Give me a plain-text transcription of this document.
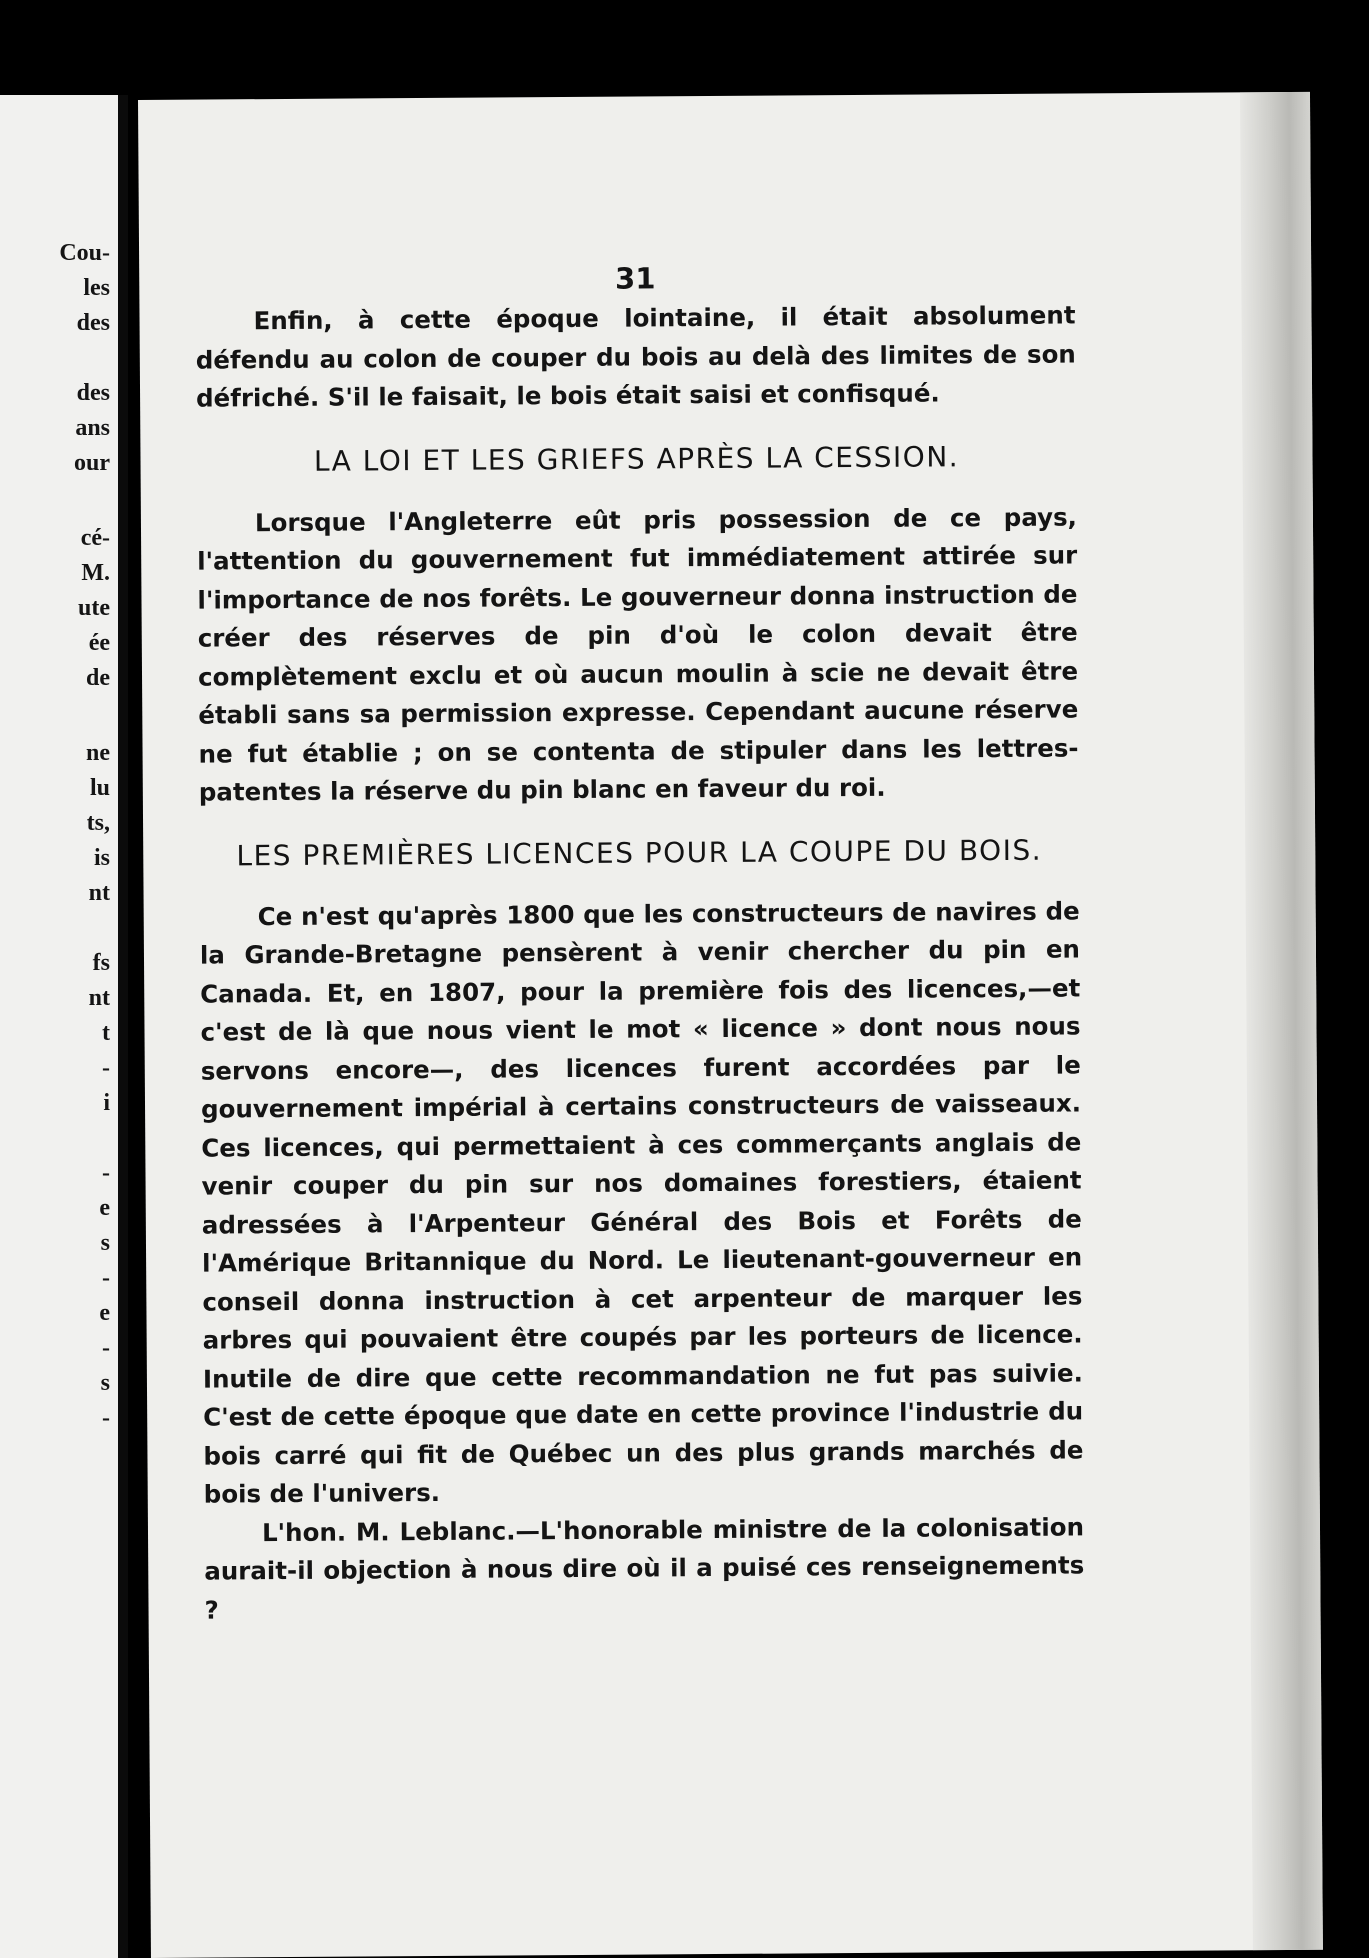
Cou-
les
des
des
ans
our
cé-
M.
ute
ée
de
ne
lu
ts,
is
nt
fs
nt
t
-
i
-
e
s
-
e
-
s
-
31

Enfin, à cette époque lointaine, il était absolument défendu au colon de couper du bois au delà des limites de son défriché. S'il le faisait, le bois était saisi et confisqué.

LA LOI ET LES GRIEFS APRÈS LA CESSION.

Lorsque l'Angleterre eût pris possession de ce pays, l'attention du gouvernement fut immédiatement attirée sur l'importance de nos forêts. Le gouverneur donna instruction de créer des réserves de pin d'où le colon devait être complètement exclu et où aucun moulin à scie ne devait être établi sans sa permission expresse. Cependant aucune réserve ne fut établie ; on se contenta de stipuler dans les lettres-patentes la réserve du pin blanc en faveur du roi.

LES PREMIÈRES LICENCES POUR LA COUPE DU BOIS.

Ce n'est qu'après 1800 que les constructeurs de navires de la Grande-Bretagne pensèrent à venir chercher du pin en Canada. Et, en 1807, pour la première fois des licences,—et c'est de là que nous vient le mot « licence » dont nous nous servons encore—, des licences furent accordées par le gouvernement impérial à certains constructeurs de vaisseaux. Ces licences, qui permettaient à ces commerçants anglais de venir couper du pin sur nos domaines forestiers, étaient adressées à l'Arpenteur Général des Bois et Forêts de l'Amérique Britannique du Nord. Le lieutenant-gouverneur en conseil donna instruction à cet arpenteur de marquer les arbres qui pouvaient être coupés par les porteurs de licence. Inutile de dire que cette recommandation ne fut pas suivie. C'est de cette époque que date en cette province l'industrie du bois carré qui fit de Québec un des plus grands marchés de bois de l'univers.

L'hon. M. Leblanc.—L'honorable ministre de la colonisation aurait-il objection à nous dire où il a puisé ces renseignements ?
